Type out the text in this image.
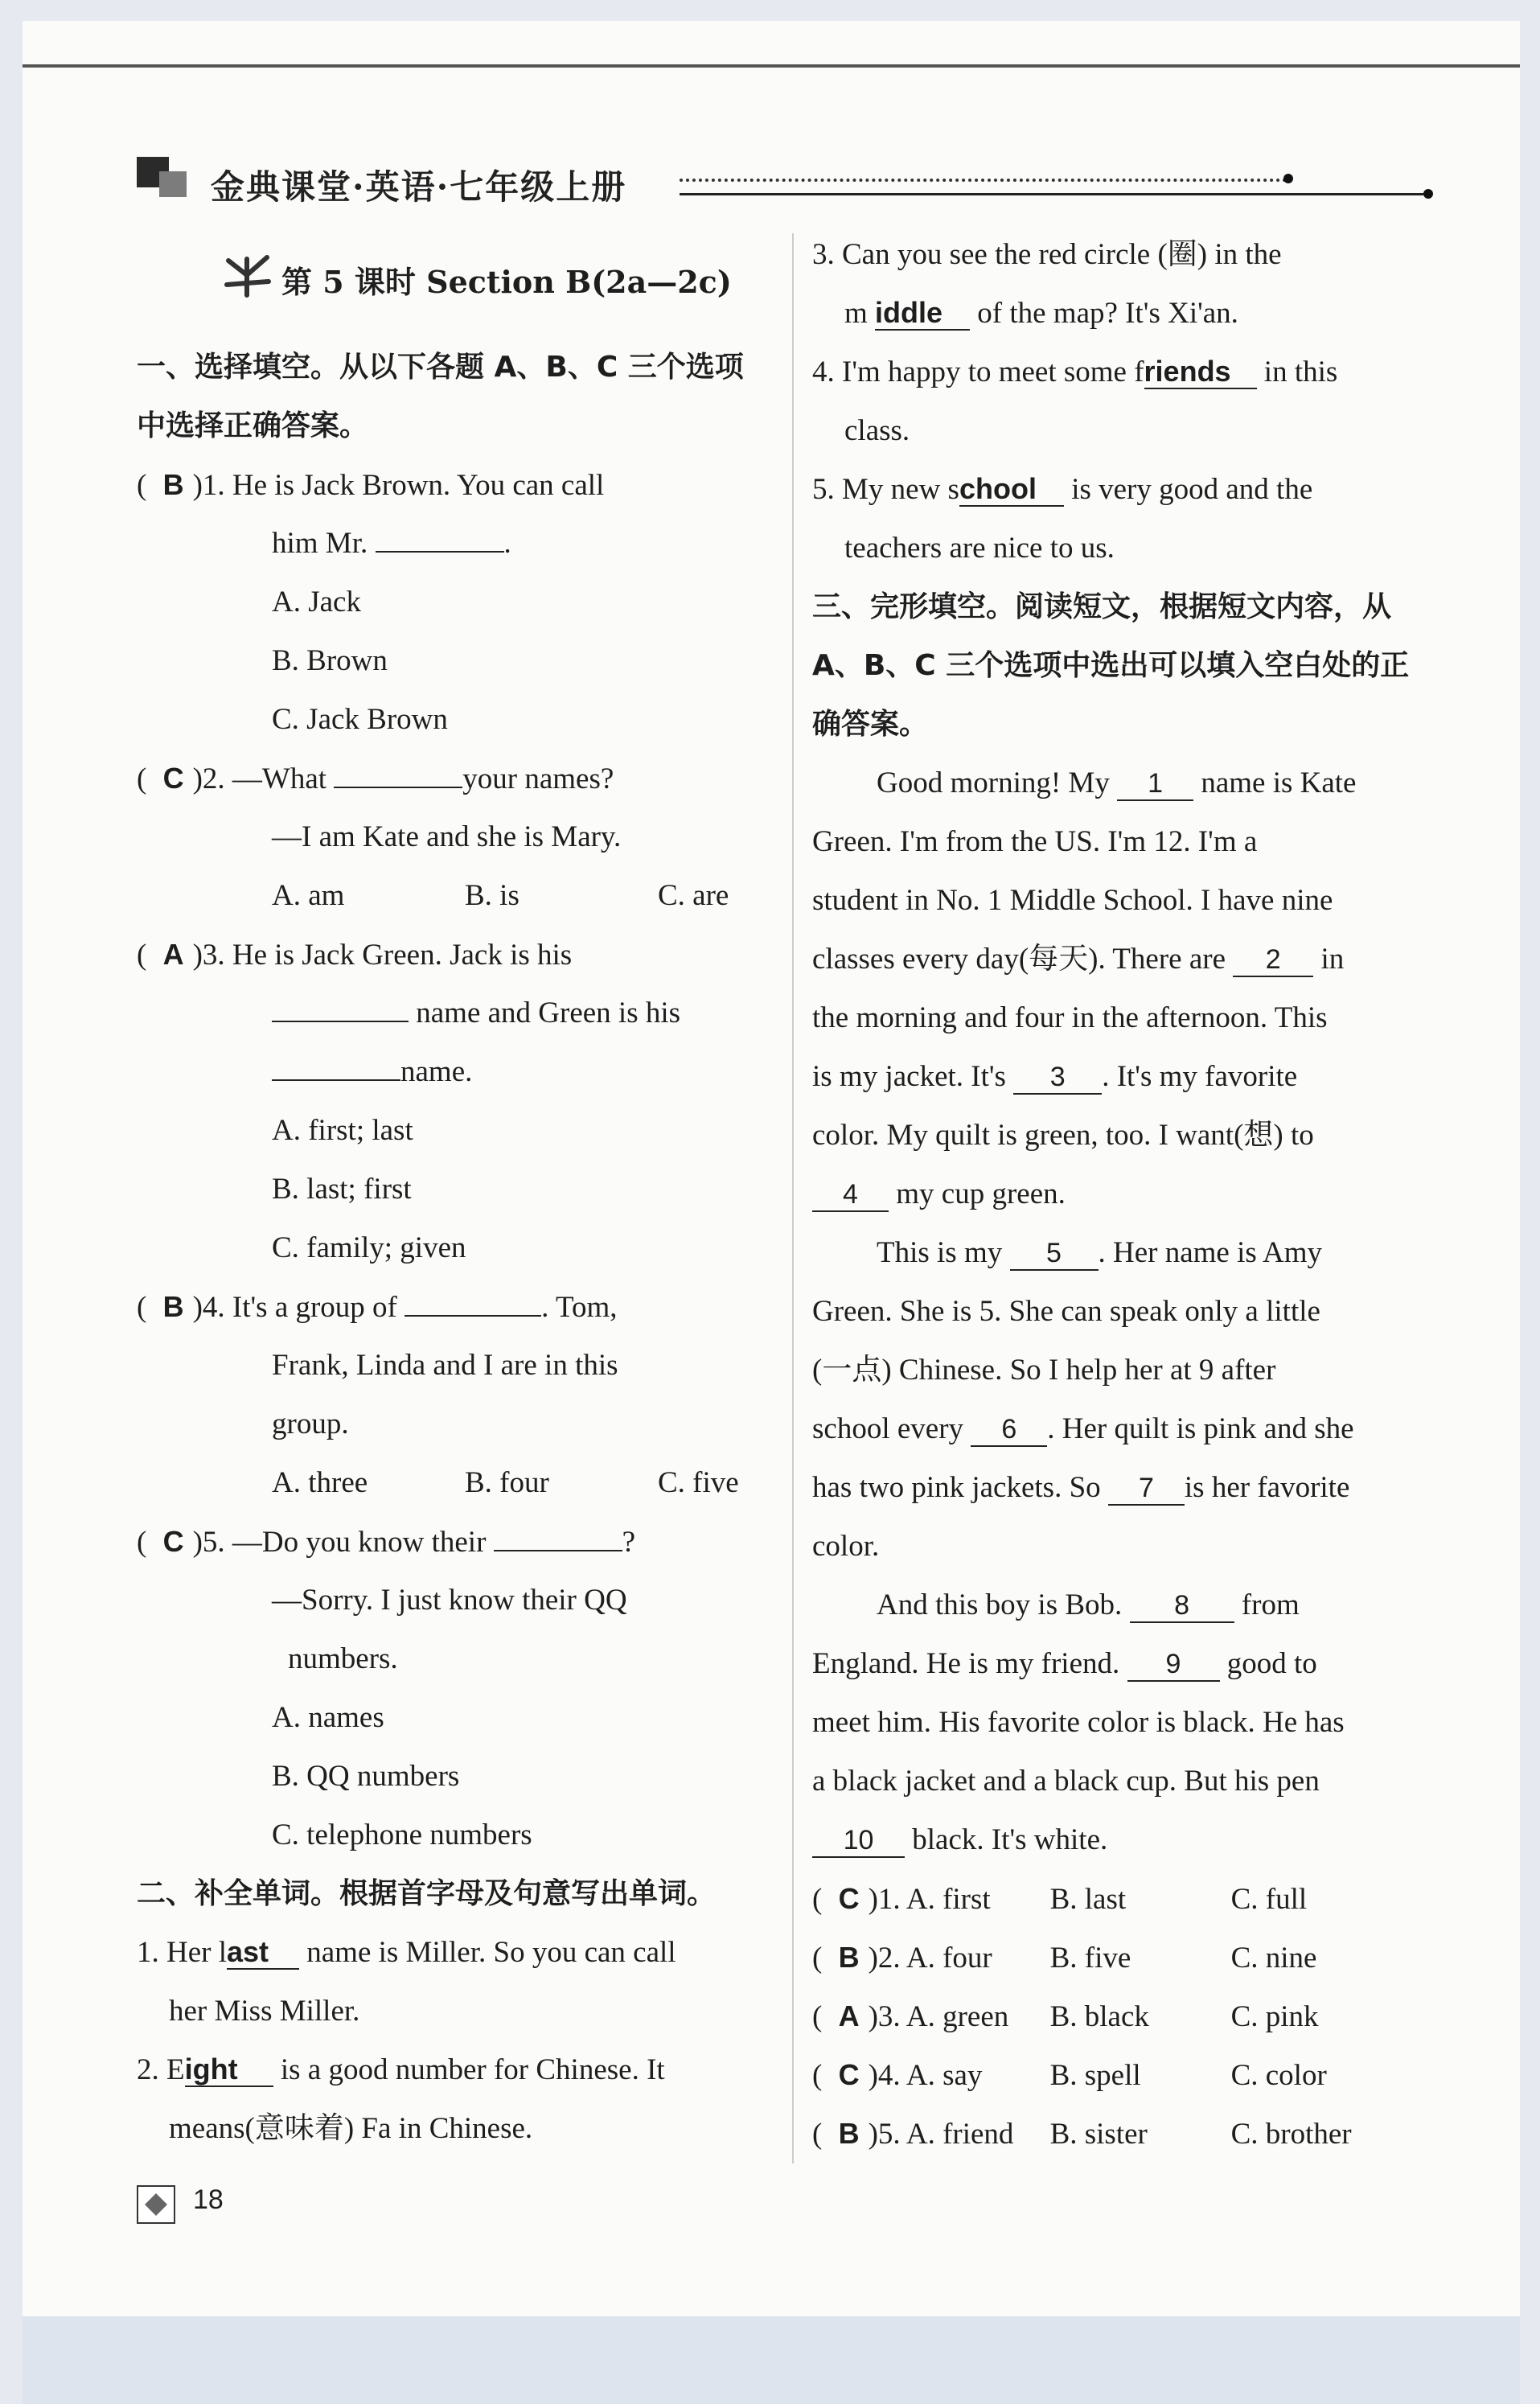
金典课堂·英语·七年级上册
第 5 课时 Section B(2a—2c)
一、选择填空。从以下各题 A、B、C 三个选项
中选择正确答案。
( B )1. He is Jack Brown. You can call
him Mr.	.
A. Jack
B. Brown
C. Jack Brown
( C )2. —What	your names?
—I am Kate and she is Mary.
A. am	B. is	C. are
( A )3. He is Jack Green. Jack is his
name and Green is his
name.
A. first; last
B. last; first
C. family; given
( B )4. It's a group of	. Tom,
Frank, Linda and I are in this
group.
A. three	B. four	C. five
( C )5. —Do you know their	?
—Sorry. I just know their QQ
numbers.
A. names
B. QQ numbers
C. telephone numbers
二、补全单词。根据首字母及句意写出单词。
1. Her last name is Miller. So you can call
her Miss Miller.
2. Eight is a good number for Chinese. It
means(意味着) Fa in Chinese.
3. Can you see the red circle (圈) in the
m iddle of the map? It's Xi'an.
4. I'm happy to meet some friends in this
class.
5. My new school is very good and the
teachers are nice to us.
三、完形填空。阅读短文，根据短文内容，从
A、B、C 三个选项中选出可以填入空白处的正
确答案。
Good morning! My 1 name is Kate
Green. I'm from the US. I'm 12. I'm a
student in No. 1 Middle School. I have nine
classes every day(每天). There are 2 in
the morning and four in the afternoon. This
is my jacket. It's 3 . It's my favorite
color. My quilt is green, too. I want(想) to
4 my cup green.
This is my 5 . Her name is Amy
Green. She is 5. She can speak only a little
(一点) Chinese. So I help her at 9 after
school every 6 . Her quilt is pink and she
has two pink jackets. So 7 is her favorite
color.
And this boy is Bob. 8 from
England. He is my friend. 9 good to
meet him. His favorite color is black. He has
a black jacket and a black cup. But his pen
10 black. It's white.
( C )1. A. first B. last	C. full
( B )2. A. four B. five	C. nine
( A )3. A. green B. black	C. pink
( C )4. A. say B. spell	C. color
( B )5. A. friend B. sister	C. brother
18
